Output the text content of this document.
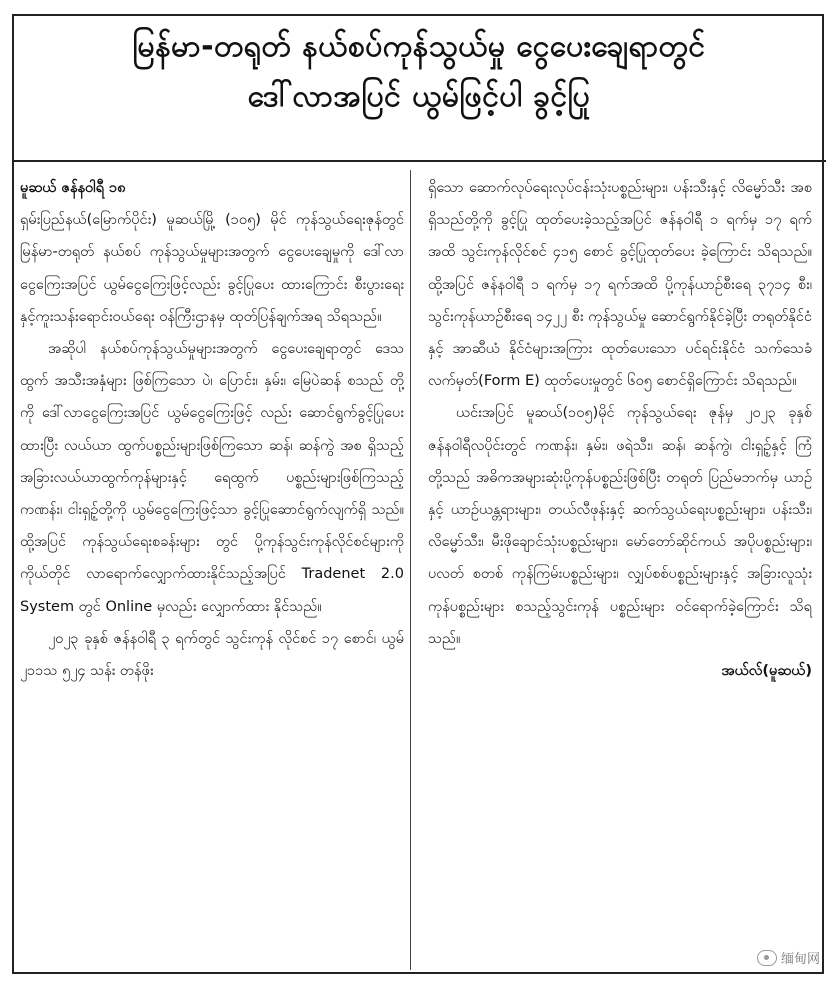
မြန်မာ-တရုတ် နယ်စပ်ကုန်သွယ်မှု ငွေပေးချေရာတွင်
ဒေါ်လာအပြင် ယွမ်ဖြင့်ပါ ခွင့်ပြု

မူဆယ် ဇန်နဝါရီ ၁၈

ရှမ်းပြည်နယ်(မြောက်ပိုင်း) မူဆယ်မြို့ (၁၀၅) မိုင် ကုန်သွယ်ရေးဇုန်တွင် မြန်မာ-တရုတ် နယ်စပ် ကုန်သွယ်မှုများအတွက် ငွေပေးချေမှုကို ဒေါ်လာ ငွေကြေးအပြင် ယွမ်ငွေကြေးဖြင့်လည်း ခွင့်ပြုပေး ထားကြောင်း စီးပွားရေးနှင့်ကူးသန်းရောင်းဝယ်ရေး ဝန်ကြီးဌာနမှ ထုတ်ပြန်ချက်အရ သိရသည်။

အဆိုပါ နယ်စပ်ကုန်သွယ်မှုများအတွက် ငွေပေးချေရာတွင် ဒေသထွက် အသီးအနှံများ ဖြစ်ကြသော ပဲ၊ ပြောင်း၊ နှမ်း၊ မြေပဲဆန် စသည် တို့ကို ဒေါ်လာငွေကြေးအပြင် ယွမ်ငွေကြေးဖြင့် လည်း ဆောင်ရွက်ခွင့်ပြုပေးထားပြီး လယ်ယာ ထွက်ပစ္စည်းများဖြစ်ကြသော ဆန်၊ ဆန်ကွဲ အစ ရှိသည့် အခြားလယ်ယာထွက်ကုန်များနှင့် ရေထွက် ပစ္စည်းများဖြစ်ကြသည့် ကဏန်း၊ ငါးရှဉ့်တို့ကို ယွမ်ငွေကြေးဖြင့်သာ ခွင့်ပြုဆောင်ရွက်လျက်ရှိ သည်။ ထို့အပြင် ကုန်သွယ်ရေးစခန်းများ တွင် ပို့ကုန်သွင်းကုန်လိုင်စင်များကို ကိုယ်တိုင် လာရောက်လျှောက်ထားနိုင်သည့်အပြင် Tradenet 2.0 System တွင် Online မှလည်း လျှောက်ထား နိုင်သည်။

၂၀၂၃ ခုနှစ် ဇန်နဝါရီ ၃ ရက်တွင် သွင်းကုန် လိုင်စင် ၁၇ စောင်၊ ယွမ် ၂၁၁သ ၅၂၄ သန်း တန်ဖိုး

ရှိသော ဆောက်လုပ်ရေးလုပ်ငန်းသုံးပစ္စည်းများ၊ ပန်းသီးနှင့် လိမ္မော်သီး အစရှိသည်တို့ကို ခွင့်ပြု ထုတ်ပေးခဲ့သည့်အပြင် ဇန်နဝါရီ ၁ ရက်မှ ၁၇ ရက် အထိ သွင်းကုန်လိုင်စင် ၄၁၅ စောင် ခွင့်ပြုထုတ်ပေး ခဲ့ကြောင်း သိရသည်။ ထို့အပြင် ဇန်နဝါရီ ၁ ရက်မှ ၁၇ ရက်အထိ ပို့ကုန်ယာဉ်စီးရေ ၃၇၁၄ စီး၊ သွင်းကုန်ယာဉ်စီးရေ ၁၄၂၂ စီး ကုန်သွယ်မှု ဆောင်ရွက်နိုင်ခဲ့ပြီး တရုတ်နိုင်ငံနှင့် အာဆီယံ နိုင်ငံများအကြား ထုတ်ပေးသော ပင်ရင်းနိုင်ငံ သက်သေခံလက်မှတ်(Form E) ထုတ်ပေးမှုတွင် ၆၀၅ စောင်ရှိကြောင်း သိရသည်။

ယင်းအပြင် မူဆယ်(၁၀၅)မိုင် ကုန်သွယ်ရေး ဇုန်မှ ၂၀၂၃ ခုနှစ် ဇန်နဝါရီလပိုင်းတွင် ကဏန်း၊ နှမ်း၊ ဖရဲသီး၊ ဆန်၊ ဆန်ကွဲ၊ ငါးရှဉ့်နှင့် ကြံတို့သည် အဓိကအများဆုံးပို့ကုန်ပစ္စည်းဖြစ်ပြီး တရုတ် ပြည်မဘက်မှ ယာဉ်နှင့် ယာဉ်ယန္တရားများ၊ တယ်လီဖုန်းနှင့် ဆက်သွယ်ရေးပစ္စည်းများ၊ ပန်းသီး၊ လိမ္မော်သီး၊ မီးဖိုချောင်သုံးပစ္စည်းများ၊ မော်တော်ဆိုင်ကယ် အပိုပစ္စည်းများ၊ ပလတ် စတစ် ကုန်ကြမ်းပစ္စည်းများ၊ လျှပ်စစ်ပစ္စည်းများနှင့် အခြားလူသုံးကုန်ပစ္စည်းများ စသည့်သွင်းကုန် ပစ္စည်းများ ဝင်ရောက်ခဲ့ကြောင်း သိရသည်။

အယ်လ်(မူဆယ်)

缅甸网
